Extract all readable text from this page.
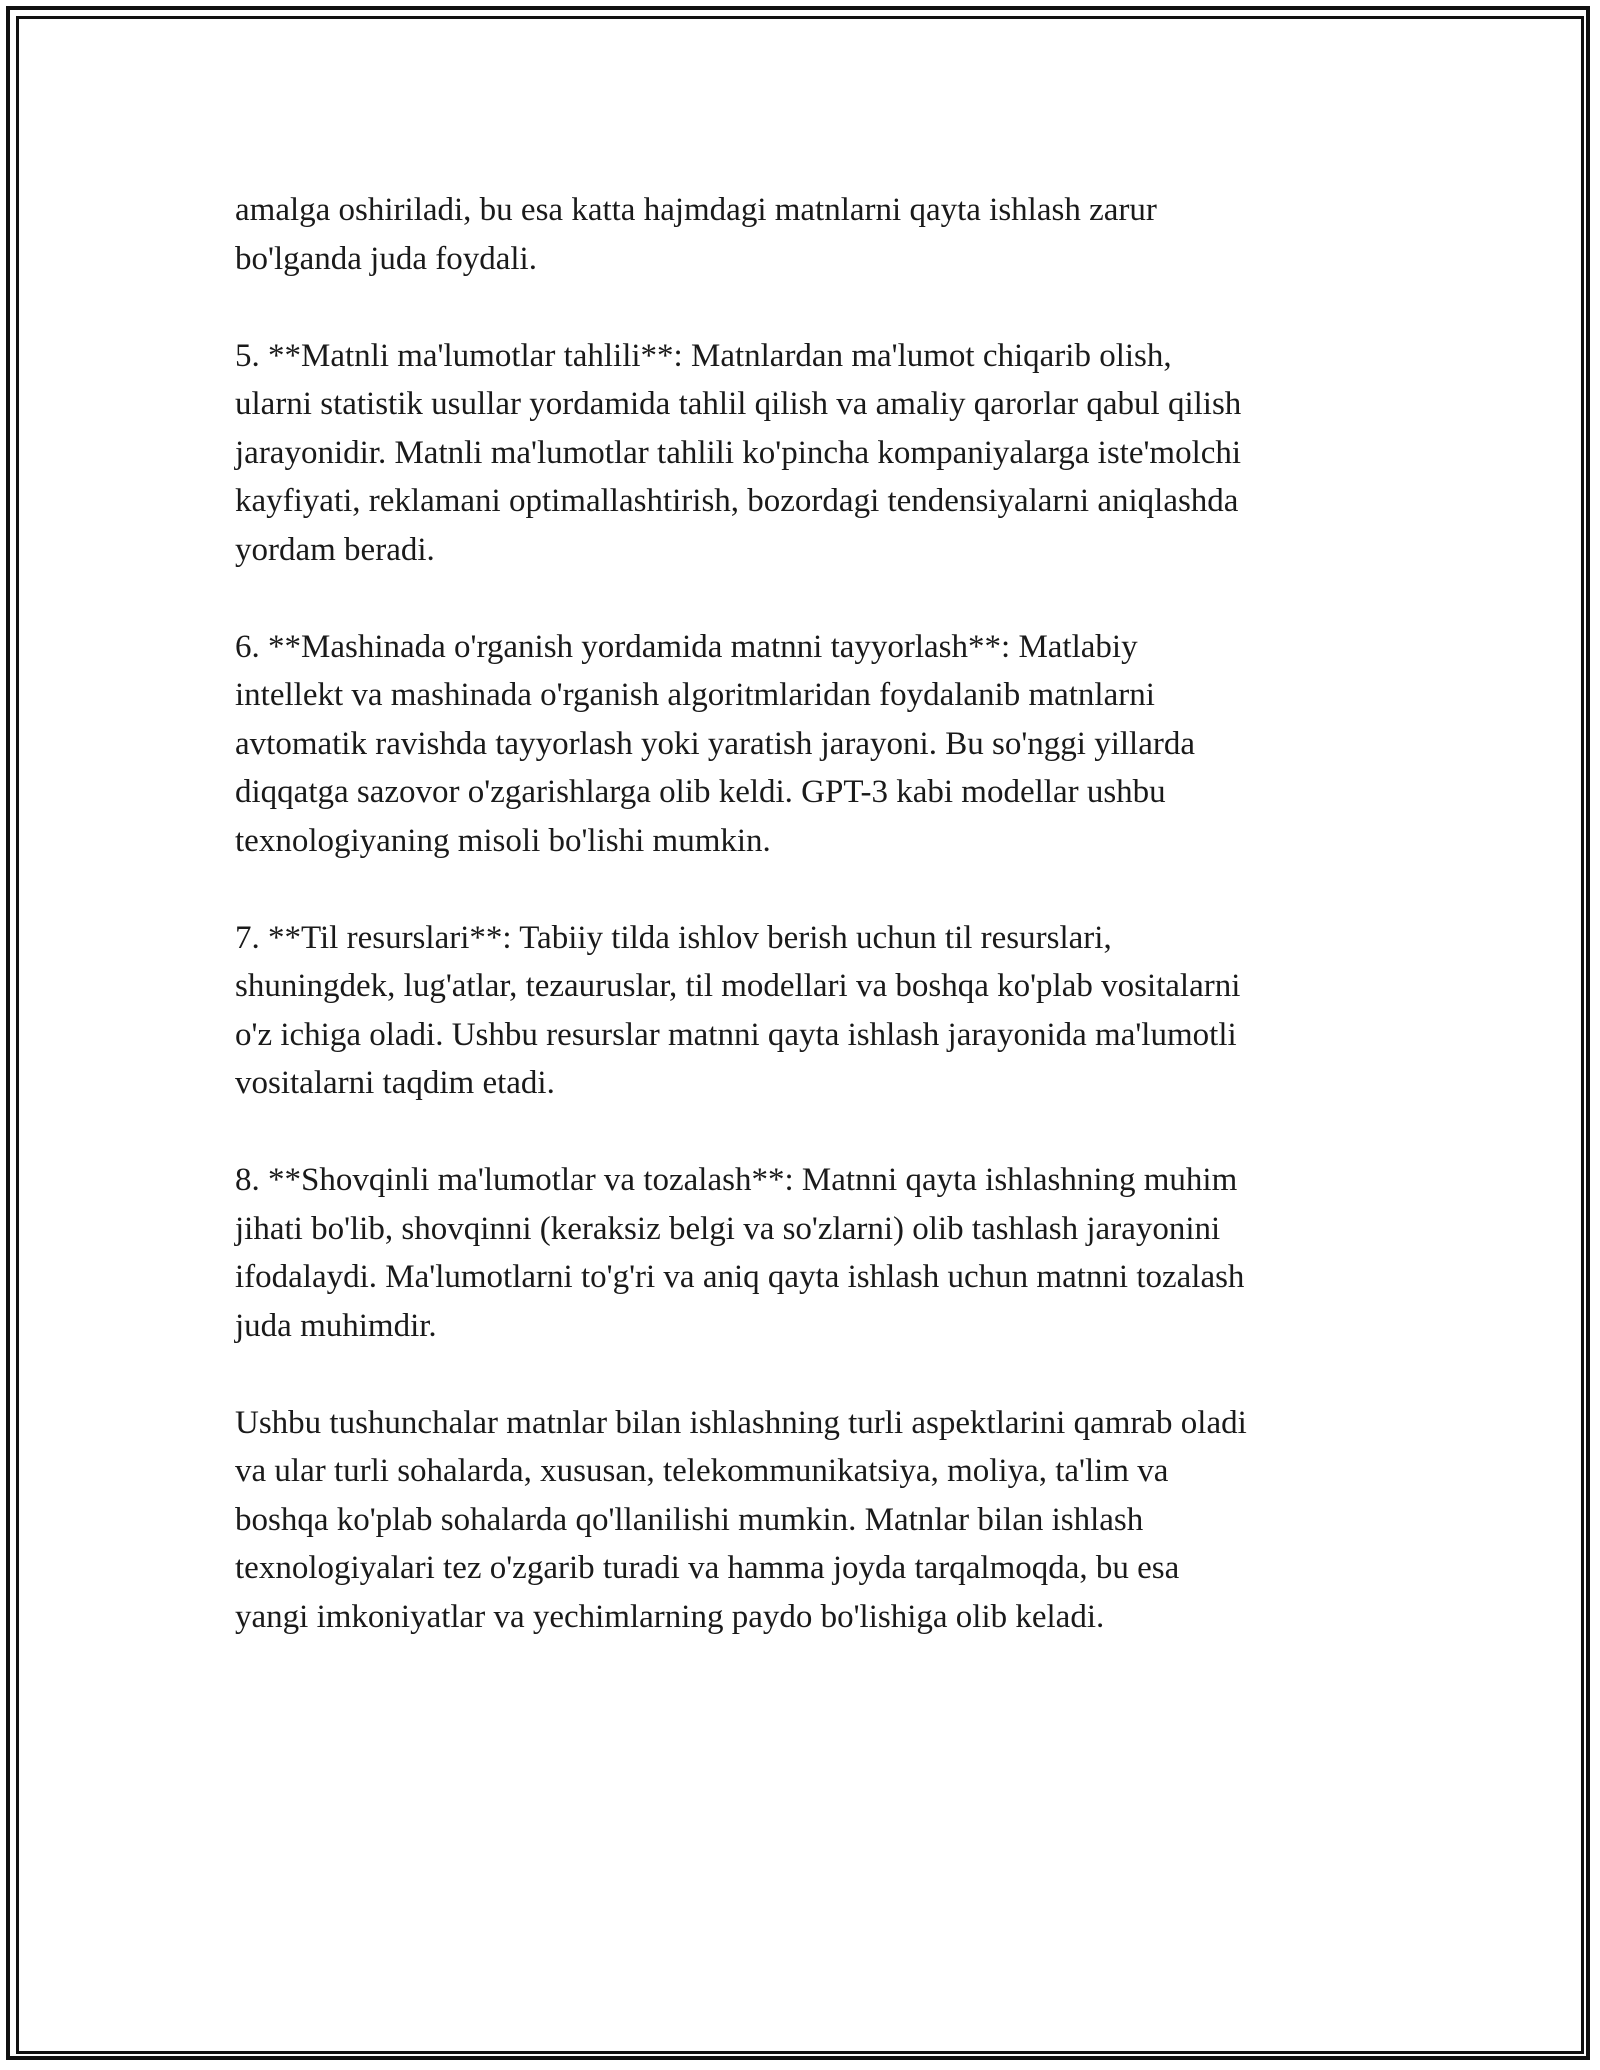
amalga oshiriladi, bu esa katta hajmdagi matnlarni qayta ishlash zarur
bo'lganda juda foydali.

5. **Matnli ma'lumotlar tahlili**: Matnlardan ma'lumot chiqarib olish,
ularni statistik usullar yordamida tahlil qilish va amaliy qarorlar qabul qilish
jarayonidir. Matnli ma'lumotlar tahlili ko'pincha kompaniyalarga iste'molchi
kayfiyati, reklamani optimallashtirish, bozordagi tendensiyalarni aniqlashda
yordam beradi.

6. **Mashinada o'rganish yordamida matnni tayyorlash**: Matlabiy
intellekt va mashinada o'rganish algoritmlaridan foydalanib matnlarni
avtomatik ravishda tayyorlash yoki yaratish jarayoni. Bu so'nggi yillarda
diqqatga sazovor o'zgarishlarga olib keldi. GPT-3 kabi modellar ushbu
texnologiyaning misoli bo'lishi mumkin.

7. **Til resurslari**: Tabiiy tilda ishlov berish uchun til resurslari,
shuningdek, lug'atlar, tezauruslar, til modellari va boshqa ko'plab vositalarni
o'z ichiga oladi. Ushbu resurslar matnni qayta ishlash jarayonida ma'lumotli
vositalarni taqdim etadi.

8. **Shovqinli ma'lumotlar va tozalash**: Matnni qayta ishlashning muhim
jihati bo'lib, shovqinni (keraksiz belgi va so'zlarni) olib tashlash jarayonini
ifodalaydi. Ma'lumotlarni to'g'ri va aniq qayta ishlash uchun matnni tozalash
juda muhimdir.

Ushbu tushunchalar matnlar bilan ishlashning turli aspektlarini qamrab oladi
va ular turli sohalarda, xususan, telekommunikatsiya, moliya, ta'lim va
boshqa ko'plab sohalarda qo'llanilishi mumkin. Matnlar bilan ishlash
texnologiyalari tez o'zgarib turadi va hamma joyda tarqalmoqda, bu esa
yangi imkoniyatlar va yechimlarning paydo bo'lishiga olib keladi.
